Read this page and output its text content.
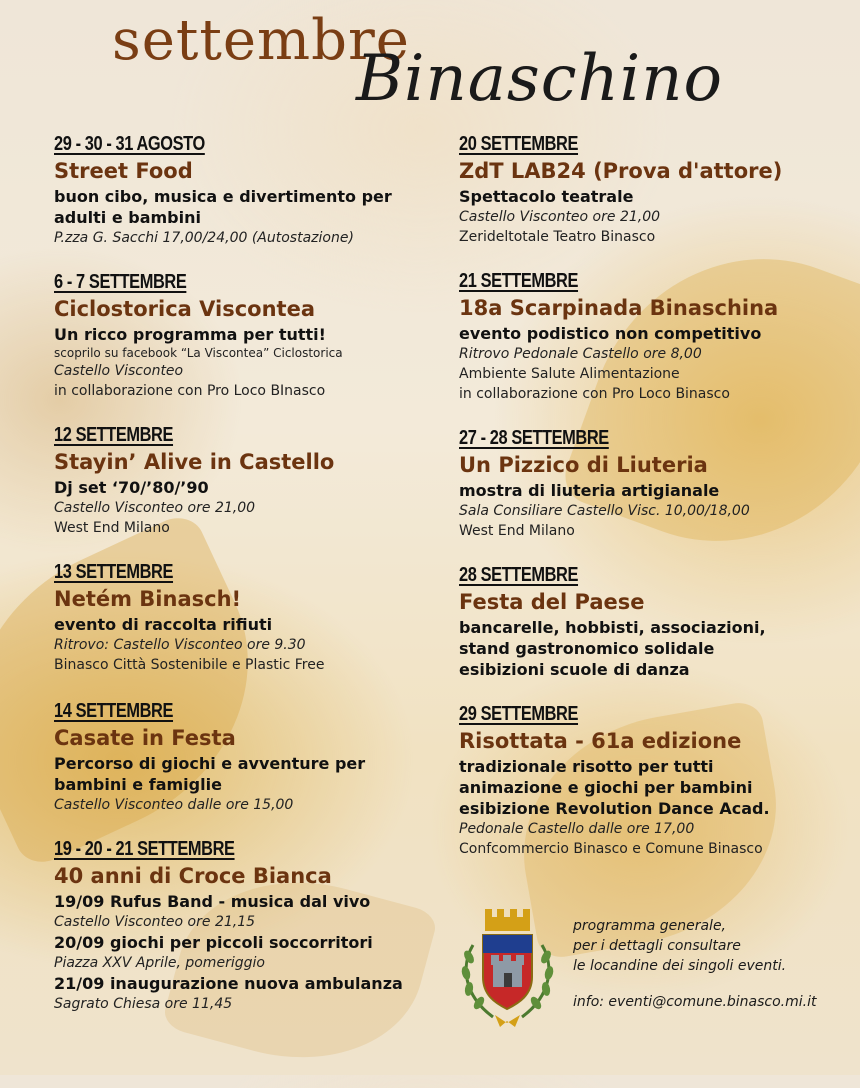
settembre
Binaschino
29 - 30 - 31 AGOSTO
Street Food
buon cibo, musica e divertimento per
adulti e bambini
P.zza G. Sacchi 17,00/24,00 (Autostazione)
6 - 7 SETTEMBRE
Ciclostorica Viscontea
Un ricco programma per tutti!
scoprilo su facebook “La Viscontea” Ciclostorica
Castello Visconteo
in collaborazione con Pro Loco BInasco
12 SETTEMBRE
Stayin’ Alive in Castello
Dj set ‘70/’80/’90
Castello Visconteo ore 21,00
West End Milano
13 SETTEMBRE
Netém Binasch!
evento di raccolta rifiuti
Ritrovo: Castello Visconteo ore 9.30
Binasco Città Sostenibile e Plastic Free
14 SETTEMBRE
Casate in Festa
Percorso di giochi e avventure per
bambini e famiglie
Castello Visconteo dalle ore 15,00
19 - 20 - 21 SETTEMBRE
40 anni di Croce Bianca
19/09 Rufus Band - musica dal vivo
Castello Visconteo ore 21,15
20/09 giochi per piccoli soccorritori
Piazza XXV Aprile, pomeriggio
21/09 inaugurazione nuova ambulanza
Sagrato Chiesa ore 11,45
20 SETTEMBRE
ZdT LAB24 (Prova d'attore)
Spettacolo teatrale
Castello Visconteo ore 21,00
Zerideltotale Teatro Binasco
21 SETTEMBRE
18a Scarpinada Binaschina
evento podistico non competitivo
Ritrovo Pedonale Castello ore 8,00
Ambiente Salute Alimentazione
in collaborazione con Pro Loco Binasco
27 - 28 SETTEMBRE
Un Pizzico di Liuteria
mostra di liuteria artigianale
Sala Consiliare Castello Visc. 10,00/18,00
West End Milano
28 SETTEMBRE
Festa del Paese
bancarelle, hobbisti, associazioni,
stand gastronomico solidale
esibizioni scuole di danza
29 SETTEMBRE
Risottata - 61a edizione
tradizionale risotto per tutti
animazione e giochi per bambini
esibizione Revolution Dance Acad.
Pedonale Castello dalle ore 17,00
Confcommercio Binasco e Comune Binasco
programma generale,
per i dettagli consultare
le locandine dei singoli eventi.
info: eventi@comune.binasco.mi.it
